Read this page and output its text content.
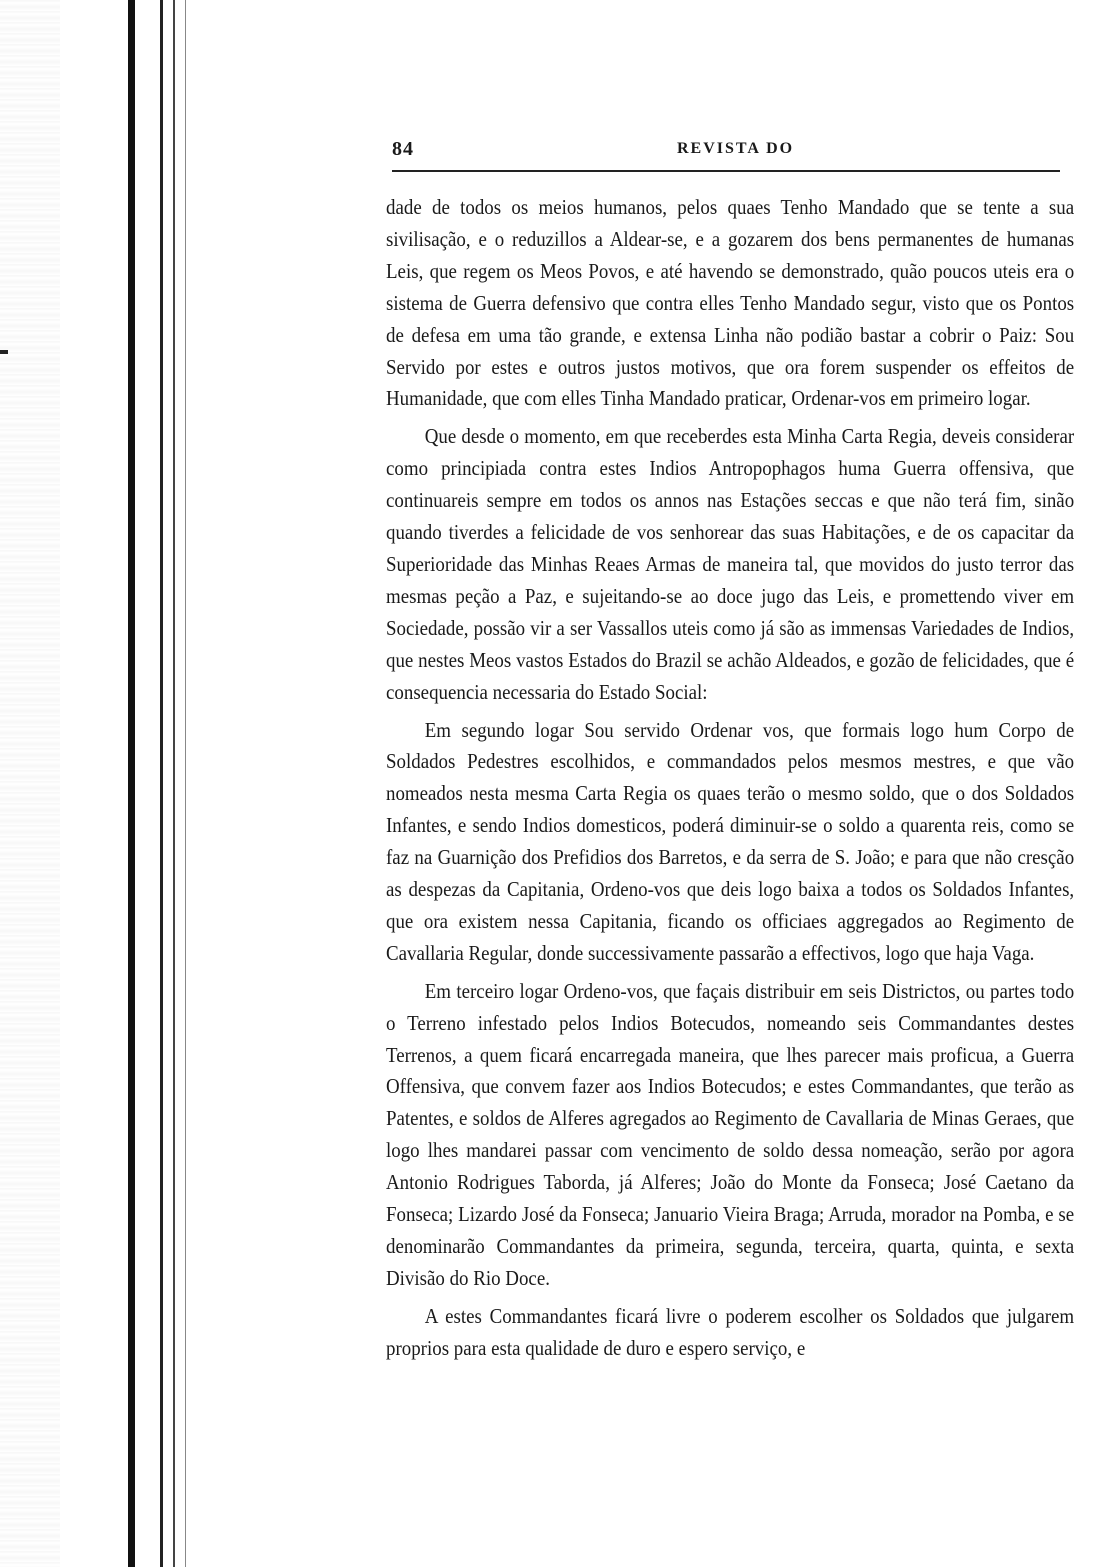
84	REVISTA DO

dade de todos os meios humanos, pelos quaes Tenho Mandado que se tente a sua sivilisação, e o reduzillos a Aldear-se, e a gozarem dos bens permanentes de humanas Leis, que regem os Meos Povos, e até havendo se demonstrado, quão poucos uteis era o sistema de Guerra defensivo que contra elles Tenho Mandado segur, visto que os Pontos de defesa em uma tão grande, e extensa Linha não podião bastar a cobrir o Paiz: Sou Servido por estes e outros justos motivos, que ora forem suspender os effeitos de Humanidade, que com elles Tinha Mandado praticar, Ordenar-vos em primeiro logar.

Que desde o momento, em que receberdes esta Minha Carta Regia, deveis considerar como principiada contra estes Indios Antropophagos huma Guerra offensiva, que continuareis sempre em todos os annos nas Estações seccas e que não terá fim, sinão quando tiverdes a felicidade de vos senhorear das suas Habitações, e de os capacitar da Superioridade das Minhas Reaes Armas de maneira tal, que movidos do justo terror das mesmas peção a Paz, e sujeitando-se ao doce jugo das Leis, e promettendo viver em Sociedade, possão vir a ser Vassallos uteis como já são as immensas Variedades de Indios, que nestes Meos vastos Estados do Brazil se achão Aldeados, e gozão de felicidades, que é consequencia necessaria do Estado Social:

Em segundo logar Sou servido Ordenar vos, que formais logo hum Corpo de Soldados Pedestres escolhidos, e commandados pelos mesmos mestres, e que vão nomeados nesta mesma Carta Regia os quaes terão o mesmo soldo, que o dos Soldados Infantes, e sendo Indios domesticos, poderá diminuir-se o soldo a quarenta reis, como se faz na Guarnição dos Prefidios dos Barretos, e da serra de S. João; e para que não cresção as despezas da Capitania, Ordeno-vos que deis logo baixa a todos os Soldados Infantes, que ora existem nessa Capitania, ficando os officiaes aggregados ao Regimento de Cavallaria Regular, donde successivamente passarão a effectivos, logo que haja Vaga.

Em terceiro logar Ordeno-vos, que façais distribuir em seis Districtos, ou partes todo o Terreno infestado pelos Indios Botecudos, nomeando seis Commandantes destes Terrenos, a quem ficará encarregada maneira, que lhes parecer mais proficua, a Guerra Offensiva, que convem fazer aos Indios Botecudos; e estes Commandantes, que terão as Patentes, e soldos de Alferes agregados ao Regimento de Cavallaria de Minas Geraes, que logo lhes mandarei passar com vencimento de soldo dessa nomeação, serão por agora Antonio Rodrigues Taborda, já Alferes; João do Monte da Fonseca; José Caetano da Fonseca; Lizardo José da Fonseca; Januario Vieira Braga; Arruda, morador na Pomba, e se denominarão Commandantes da primeira, segunda, terceira, quarta, quinta, e sexta Divisão do Rio Doce.

A estes Commandantes ficará livre o poderem escolher os Soldados que julgarem proprios para esta qualidade de duro e espero serviço, e
